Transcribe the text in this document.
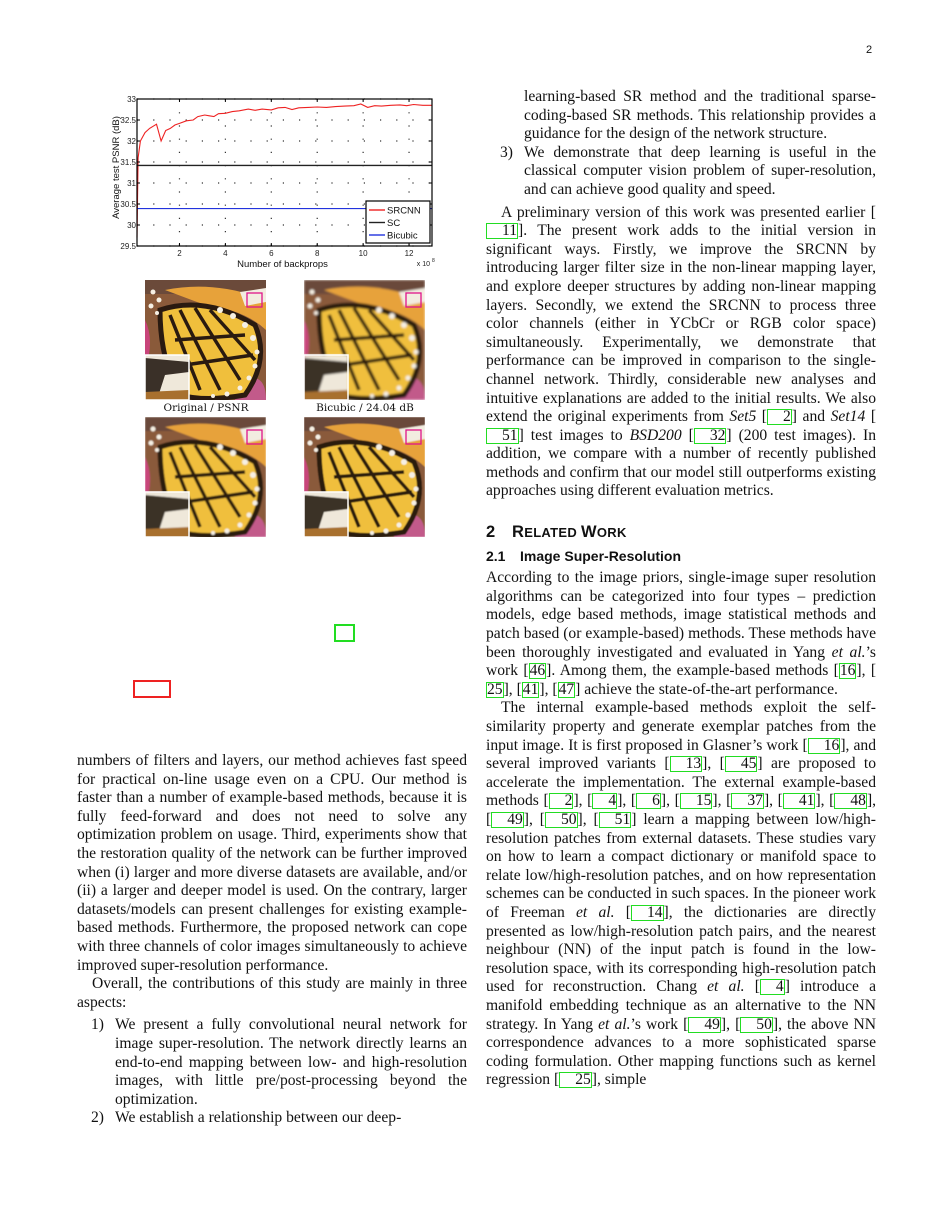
2
2	4	6	8	10	12
29.5
30
30.5
31
31.5
32
32.5
33
Number of backprops
Average test PSNR (dB)
x 10 8
SRCNN
SC
Bicubic
Original / PSNR	Bicubic / 24.04 dB

numbers of filters and layers, our method achieves fast speed for practical on-line usage even on a CPU. Our method is faster than a number of example-based methods, because it is fully feed-forward and does not need to solve any optimization problem on usage. Third, experiments show that the restoration quality of the network can be further improved when (i) larger and more diverse datasets are available, and/or (ii) a larger and deeper model is used. On the contrary, larger datasets/models can present challenges for existing example-based methods. Furthermore, the proposed network can cope with three channels of color images simultaneously to achieve improved super-resolution performance.

Overall, the contributions of this study are mainly in three aspects:

1) We present a fully convolutional neural network for image super-resolution. The network directly learns an end-to-end mapping between low- and high-resolution images, with little pre/post-processing beyond the optimization.

2) We establish a relationship between our deep-

learning-based SR method and the traditional sparse-coding-based SR methods. This relationship provides a guidance for the design of the network structure.

3) We demonstrate that deep learning is useful in the classical computer vision problem of super-resolution, and can achieve good quality and speed.

A preliminary version of this work was presented earlier [11]. The present work adds to the initial version in significant ways. Firstly, we improve the SRCNN by introducing larger filter size in the non-linear mapping layer, and explore deeper structures by adding non-linear mapping layers. Secondly, we extend the SRCNN to process three color channels (either in YCbCr or RGB color space) simultaneously. Experimentally, we demonstrate that performance can be improved in comparison to the single-channel network. Thirdly, considerable new analyses and intuitive explanations are added to the initial results. We also extend the original experiments from Set5 [ 2] and Set14 [51] test images to BSD200 [ 32] (200 test images). In addition, we compare with a number of recently published methods and confirm that our model still outperforms existing approaches using different evaluation metrics.

2 RELATED WORK
2.1 Image Super-Resolution

According to the image priors, single-image super resolution algorithms can be categorized into four types – prediction models, edge based methods, image statistical methods and patch based (or example-based) methods. These methods have been thoroughly investigated and evaluated in Yang et al.’s work [46]. Among them, the example-based methods [16], [25], [41], [47] achieve the state-of-the-art performance.

The internal example-based methods exploit the self-similarity property and generate exemplar patches from the input image. It is first proposed in Glasner’s work [ 16], and several improved variants [ 13], [ 45] are proposed to accelerate the implementation. The external example-based methods [ 2], [ 4], [ 6], [ 15], [ 37], [ 41], [ 48], [ 49], [ 50], [ 51] learn a mapping between low/high-resolution patches from external datasets. These studies vary on how to learn a compact dictionary or manifold space to relate low/high-resolution patches, and on how representation schemes can be conducted in such spaces. In the pioneer work of Freeman et al. [ 14], the dictionaries are directly presented as low/high-resolution patch pairs, and the nearest neighbour (NN) of the input patch is found in the low-resolution space, with its corresponding high-resolution patch used for reconstruction. Chang et al. [ 4] introduce a manifold embedding technique as an alternative to the NN strategy. In Yang et al.’s work [ 49], [ 50], the above NN correspondence advances to a more sophisticated sparse coding formulation. Other mapping functions such as kernel regression [ 25], simple
